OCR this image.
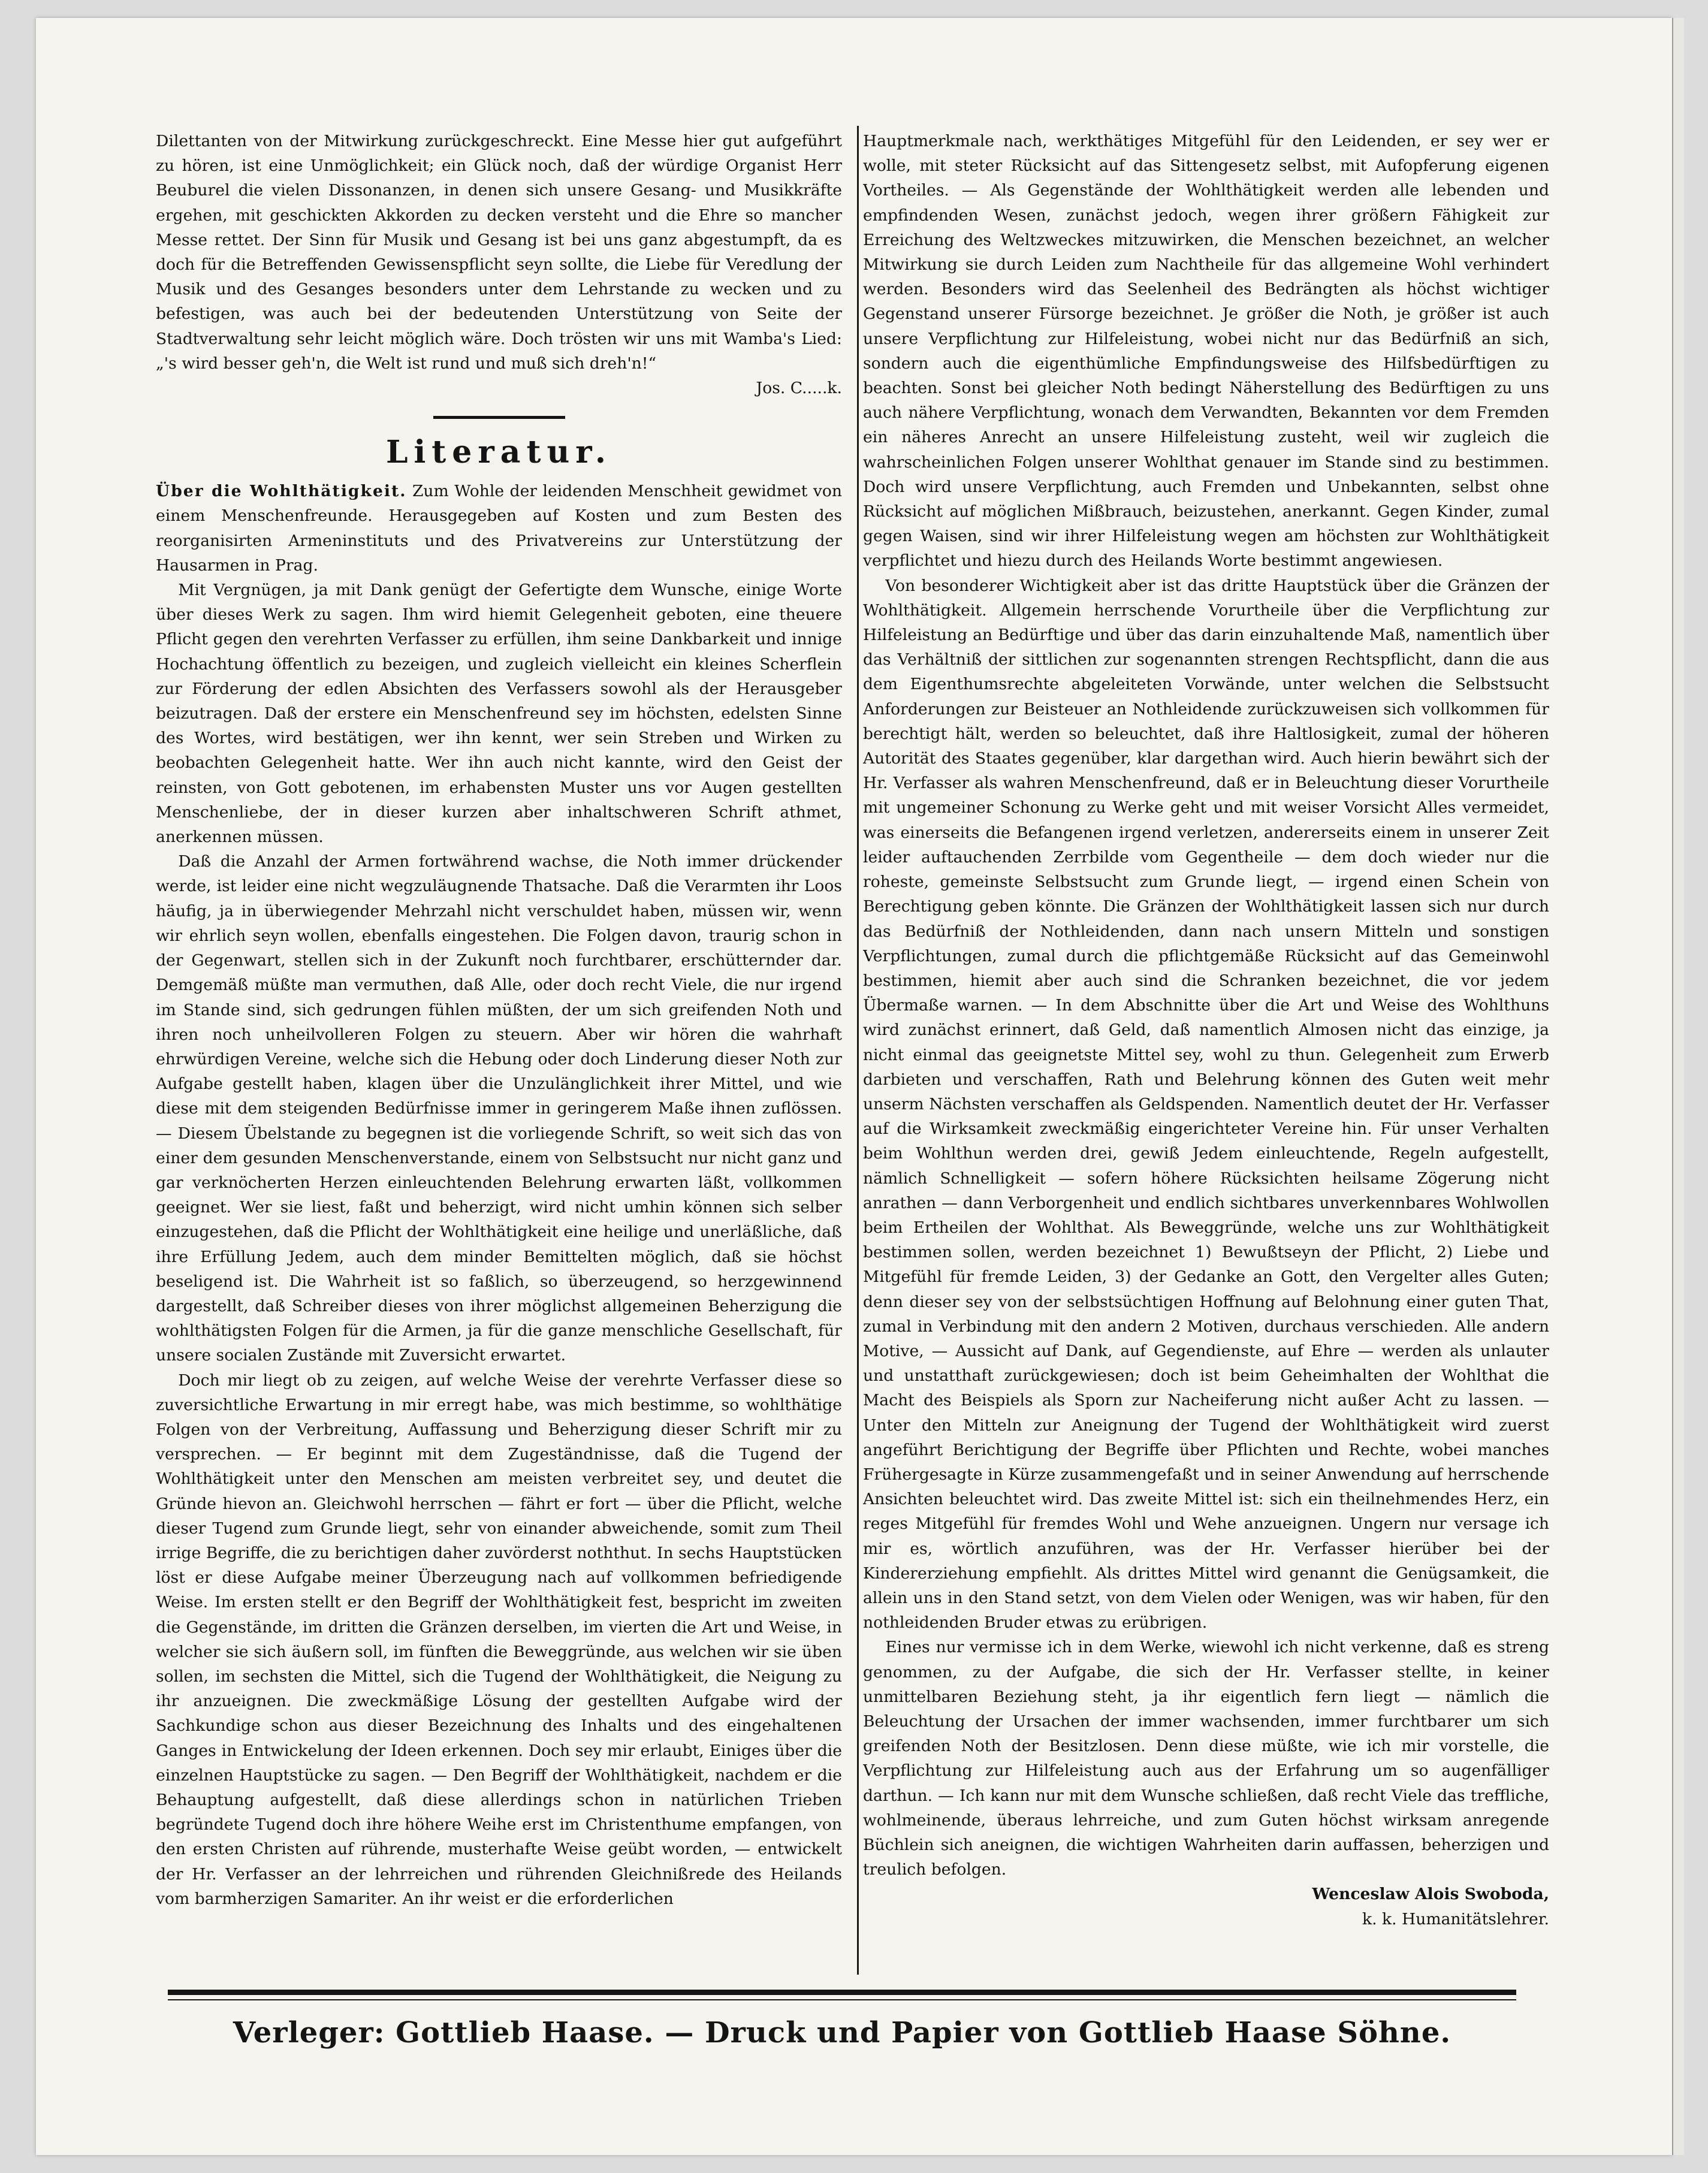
Dilettanten von der Mitwirkung zurückgeschreckt. Eine Messe hier gut aufgeführt zu hören, ist eine Unmöglichkeit; ein Glück noch, daß der würdige Organist Herr Beuburel die vielen Dissonanzen, in denen sich unsere Gesang- und Musikkräfte ergehen, mit geschickten Akkorden zu decken versteht und die Ehre so mancher Messe rettet. Der Sinn für Musik und Gesang ist bei uns ganz abgestumpft, da es doch für die Betreffenden Gewissenspflicht seyn sollte, die Liebe für Veredlung der Musik und des Gesanges besonders unter dem Lehrstande zu wecken und zu befestigen, was auch bei der bedeutenden Unterstützung von Seite der Stadtverwaltung sehr leicht möglich wäre. Doch trösten wir uns mit Wamba's Lied: „'s wird besser geh'n, die Welt ist rund und muß sich dreh'n!“

Jos. C.....k.

Literatur.

Über die Wohlthätigkeit. Zum Wohle der leidenden Menschheit gewidmet von einem Menschenfreunde. Herausgegeben auf Kosten und zum Besten des reorganisirten Armeninstituts und des Privatvereins zur Unterstützung der Hausarmen in Prag.

Mit Vergnügen, ja mit Dank genügt der Gefertigte dem Wunsche, einige Worte über dieses Werk zu sagen. Ihm wird hiemit Gelegenheit geboten, eine theuere Pflicht gegen den verehrten Verfasser zu erfüllen, ihm seine Dankbarkeit und innige Hochachtung öffentlich zu bezeigen, und zugleich vielleicht ein kleines Scherflein zur Förderung der edlen Absichten des Verfassers sowohl als der Herausgeber beizutragen. Daß der erstere ein Menschenfreund sey im höchsten, edelsten Sinne des Wortes, wird bestätigen, wer ihn kennt, wer sein Streben und Wirken zu beobachten Gelegenheit hatte. Wer ihn auch nicht kannte, wird den Geist der reinsten, von Gott gebotenen, im erhabensten Muster uns vor Augen gestellten Menschenliebe, der in dieser kurzen aber inhaltschweren Schrift athmet, anerkennen müssen.

Daß die Anzahl der Armen fortwährend wachse, die Noth immer drückender werde, ist leider eine nicht wegzuläugnende Thatsache. Daß die Verarmten ihr Loos häufig, ja in überwiegender Mehrzahl nicht verschuldet haben, müssen wir, wenn wir ehrlich seyn wollen, ebenfalls eingestehen. Die Folgen davon, traurig schon in der Gegenwart, stellen sich in der Zukunft noch furchtbarer, erschütternder dar. Demgemäß müßte man vermuthen, daß Alle, oder doch recht Viele, die nur irgend im Stande sind, sich gedrungen fühlen müßten, der um sich greifenden Noth und ihren noch unheilvolleren Folgen zu steuern. Aber wir hören die wahrhaft ehrwürdigen Vereine, welche sich die Hebung oder doch Linderung dieser Noth zur Aufgabe gestellt haben, klagen über die Unzulänglichkeit ihrer Mittel, und wie diese mit dem steigenden Bedürfnisse immer in geringerem Maße ihnen zuflössen. — Diesem Übelstande zu begegnen ist die vorliegende Schrift, so weit sich das von einer dem gesunden Menschenverstande, einem von Selbstsucht nur nicht ganz und gar verknöcherten Herzen einleuchtenden Belehrung erwarten läßt, vollkommen geeignet. Wer sie liest, faßt und beherzigt, wird nicht umhin können sich selber einzugestehen, daß die Pflicht der Wohlthätigkeit eine heilige und unerläßliche, daß ihre Erfüllung Jedem, auch dem minder Bemittelten möglich, daß sie höchst beseligend ist. Die Wahrheit ist so faßlich, so überzeugend, so herzgewinnend dargestellt, daß Schreiber dieses von ihrer möglichst allgemeinen Beherzigung die wohlthätigsten Folgen für die Armen, ja für die ganze menschliche Gesellschaft, für unsere socialen Zustände mit Zuversicht erwartet.

Doch mir liegt ob zu zeigen, auf welche Weise der verehrte Verfasser diese so zuversichtliche Erwartung in mir erregt habe, was mich bestimme, so wohlthätige Folgen von der Verbreitung, Auffassung und Beherzigung dieser Schrift mir zu versprechen. — Er beginnt mit dem Zugeständnisse, daß die Tugend der Wohlthätigkeit unter den Menschen am meisten verbreitet sey, und deutet die Gründe hievon an. Gleichwohl herrschen — fährt er fort — über die Pflicht, welche dieser Tugend zum Grunde liegt, sehr von einander abweichende, somit zum Theil irrige Begriffe, die zu berichtigen daher zuvörderst noththut. In sechs Hauptstücken löst er diese Aufgabe meiner Überzeugung nach auf vollkommen befriedigende Weise. Im ersten stellt er den Begriff der Wohlthätigkeit fest, bespricht im zweiten die Gegenstände, im dritten die Gränzen derselben, im vierten die Art und Weise, in welcher sie sich äußern soll, im fünften die Beweggründe, aus welchen wir sie üben sollen, im sechsten die Mittel, sich die Tugend der Wohlthätigkeit, die Neigung zu ihr anzueignen. Die zweckmäßige Lösung der gestellten Aufgabe wird der Sachkundige schon aus dieser Bezeichnung des Inhalts und des eingehaltenen Ganges in Entwickelung der Ideen erkennen. Doch sey mir erlaubt, Einiges über die einzelnen Hauptstücke zu sagen. — Den Begriff der Wohlthätigkeit, nachdem er die Behauptung aufgestellt, daß diese allerdings schon in natürlichen Trieben begründete Tugend doch ihre höhere Weihe erst im Christenthume empfangen, von den ersten Christen auf rührende, musterhafte Weise geübt worden, — entwickelt der Hr. Verfasser an der lehrreichen und rührenden Gleichnißrede des Heilands vom barmherzigen Samariter. An ihr weist er die erforderlichen

Hauptmerkmale nach, werkthätiges Mitgefühl für den Leidenden, er sey wer er wolle, mit steter Rücksicht auf das Sittengesetz selbst, mit Aufopferung eigenen Vortheiles. — Als Gegenstände der Wohlthätigkeit werden alle lebenden und empfindenden Wesen, zunächst jedoch, wegen ihrer größern Fähigkeit zur Erreichung des Weltzweckes mitzuwirken, die Menschen bezeichnet, an welcher Mitwirkung sie durch Leiden zum Nachtheile für das allgemeine Wohl verhindert werden. Besonders wird das Seelenheil des Bedrängten als höchst wichtiger Gegenstand unserer Fürsorge bezeichnet. Je größer die Noth, je größer ist auch unsere Verpflichtung zur Hilfeleistung, wobei nicht nur das Bedürfniß an sich, sondern auch die eigenthümliche Empfindungsweise des Hilfsbedürftigen zu beachten. Sonst bei gleicher Noth bedingt Näherstellung des Bedürftigen zu uns auch nähere Verpflichtung, wonach dem Verwandten, Bekannten vor dem Fremden ein näheres Anrecht an unsere Hilfeleistung zusteht, weil wir zugleich die wahrscheinlichen Folgen unserer Wohlthat genauer im Stande sind zu bestimmen. Doch wird unsere Verpflichtung, auch Fremden und Unbekannten, selbst ohne Rücksicht auf möglichen Mißbrauch, beizustehen, anerkannt. Gegen Kinder, zumal gegen Waisen, sind wir ihrer Hilfeleistung wegen am höchsten zur Wohlthätigkeit verpflichtet und hiezu durch des Heilands Worte bestimmt angewiesen.

Von besonderer Wichtigkeit aber ist das dritte Hauptstück über die Gränzen der Wohlthätigkeit. Allgemein herrschende Vorurtheile über die Verpflichtung zur Hilfeleistung an Bedürftige und über das darin einzuhaltende Maß, namentlich über das Verhältniß der sittlichen zur sogenannten strengen Rechtspflicht, dann die aus dem Eigenthumsrechte abgeleiteten Vorwände, unter welchen die Selbstsucht Anforderungen zur Beisteuer an Nothleidende zurückzuweisen sich vollkommen für berechtigt hält, werden so beleuchtet, daß ihre Haltlosigkeit, zumal der höheren Autorität des Staates gegenüber, klar dargethan wird. Auch hierin bewährt sich der Hr. Verfasser als wahren Menschenfreund, daß er in Beleuchtung dieser Vorurtheile mit ungemeiner Schonung zu Werke geht und mit weiser Vorsicht Alles vermeidet, was einerseits die Befangenen irgend verletzen, andererseits einem in unserer Zeit leider auftauchenden Zerrbilde vom Gegentheile — dem doch wieder nur die roheste, gemeinste Selbstsucht zum Grunde liegt, — irgend einen Schein von Berechtigung geben könnte. Die Gränzen der Wohlthätigkeit lassen sich nur durch das Bedürfniß der Nothleidenden, dann nach unsern Mitteln und sonstigen Verpflichtungen, zumal durch die pflichtgemäße Rücksicht auf das Gemeinwohl bestimmen, hiemit aber auch sind die Schranken bezeichnet, die vor jedem Übermaße warnen. — In dem Abschnitte über die Art und Weise des Wohlthuns wird zunächst erinnert, daß Geld, daß namentlich Almosen nicht das einzige, ja nicht einmal das geeignetste Mittel sey, wohl zu thun. Gelegenheit zum Erwerb darbieten und verschaffen, Rath und Belehrung können des Guten weit mehr unserm Nächsten verschaffen als Geldspenden. Namentlich deutet der Hr. Verfasser auf die Wirksamkeit zweckmäßig eingerichteter Vereine hin. Für unser Verhalten beim Wohlthun werden drei, gewiß Jedem einleuchtende, Regeln aufgestellt, nämlich Schnelligkeit — sofern höhere Rücksichten heilsame Zögerung nicht anrathen — dann Verborgenheit und endlich sichtbares unverkennbares Wohlwollen beim Ertheilen der Wohlthat. Als Beweggründe, welche uns zur Wohlthätigkeit bestimmen sollen, werden bezeichnet 1) Bewußtseyn der Pflicht, 2) Liebe und Mitgefühl für fremde Leiden, 3) der Gedanke an Gott, den Vergelter alles Guten; denn dieser sey von der selbstsüchtigen Hoffnung auf Belohnung einer guten That, zumal in Verbindung mit den andern 2 Motiven, durchaus verschieden. Alle andern Motive, — Aussicht auf Dank, auf Gegendienste, auf Ehre — werden als unlauter und unstatthaft zurückgewiesen; doch ist beim Geheimhalten der Wohlthat die Macht des Beispiels als Sporn zur Nacheiferung nicht außer Acht zu lassen. — Unter den Mitteln zur Aneignung der Tugend der Wohlthätigkeit wird zuerst angeführt Berichtigung der Begriffe über Pflichten und Rechte, wobei manches Frühergesagte in Kürze zusammengefaßt und in seiner Anwendung auf herrschende Ansichten beleuchtet wird. Das zweite Mittel ist: sich ein theilnehmendes Herz, ein reges Mitgefühl für fremdes Wohl und Wehe anzueignen. Ungern nur versage ich mir es, wörtlich anzuführen, was der Hr. Verfasser hierüber bei der Kindererziehung empfiehlt. Als drittes Mittel wird genannt die Genügsamkeit, die allein uns in den Stand setzt, von dem Vielen oder Wenigen, was wir haben, für den nothleidenden Bruder etwas zu erübrigen.

Eines nur vermisse ich in dem Werke, wiewohl ich nicht verkenne, daß es streng genommen, zu der Aufgabe, die sich der Hr. Verfasser stellte, in keiner unmittelbaren Beziehung steht, ja ihr eigentlich fern liegt — nämlich die Beleuchtung der Ursachen der immer wachsenden, immer furchtbarer um sich greifenden Noth der Besitzlosen. Denn diese müßte, wie ich mir vorstelle, die Verpflichtung zur Hilfeleistung auch aus der Erfahrung um so augenfälliger darthun. — Ich kann nur mit dem Wunsche schließen, daß recht Viele das treffliche, wohlmeinende, überaus lehrreiche, und zum Guten höchst wirksam anregende Büchlein sich aneignen, die wichtigen Wahrheiten darin auffassen, beherzigen und treulich befolgen.

Wenceslaw Alois Swoboda,

k. k. Humanitätslehrer.

Verleger: Gottlieb Haase. — Druck und Papier von Gottlieb Haase Söhne.
